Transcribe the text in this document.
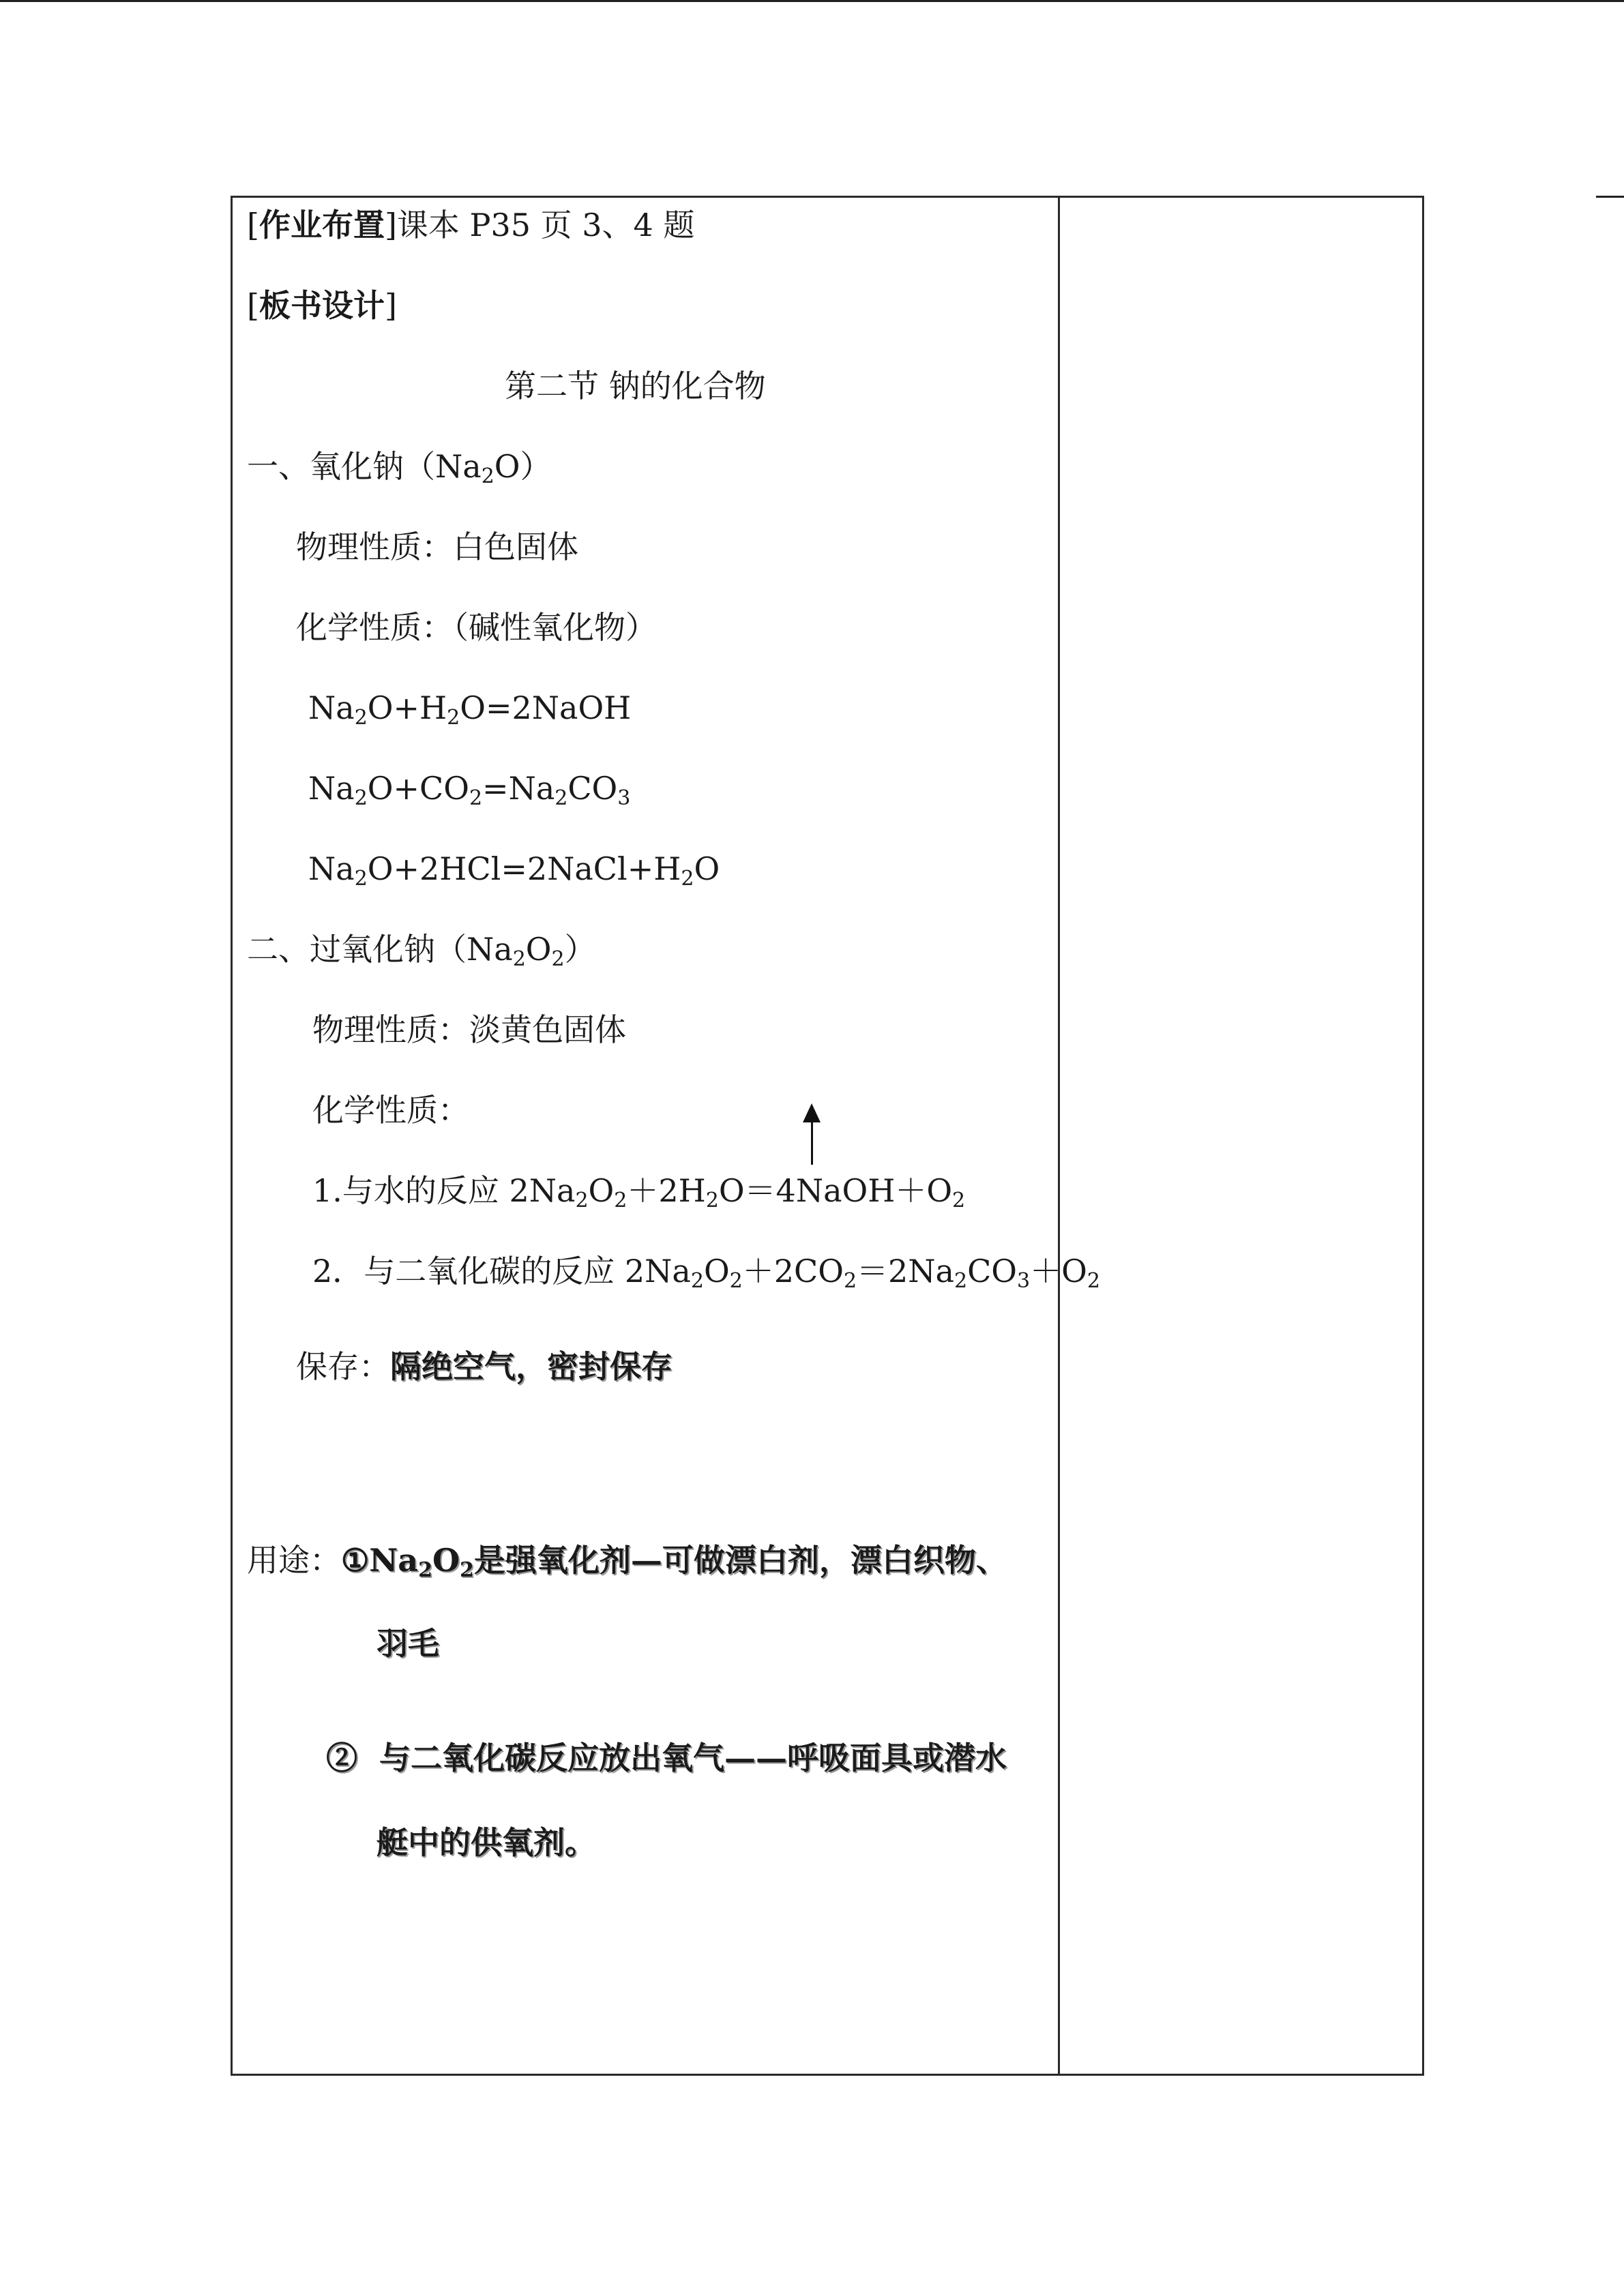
[作业布置]课本 P35 页 3、4 题
[板书设计]
第二节 钠的化合物
一、氧化钠$(Na_2O)$
物理性质：白色固体
化学性质：（碱性氧化物）
$Na_2O+H_2O=2NaOH$
$Na_2O+CO_2=Na_2CO_3$
$Na_2O+2HCl=2NaCl+H_2O$
二、过氧化钠$(Na_2O_2)$
物理性质：淡黄色固体
化学性质：
1.与水的反应 $2Na_2O_2+2H_2O=4NaOH+O_2$
2．与二氧化碳的反应 $2Na_2O_2+2CO_2=2Na_2CO_3+O_2$
保存：隔绝空气，密封保存
用途：$①Na_2O_2$是强氧化剂—可做漂白剂，漂白织物、
羽毛
② 与二氧化碳反应放出氧气——呼吸面具或潜水
艇中的供氧剂。
